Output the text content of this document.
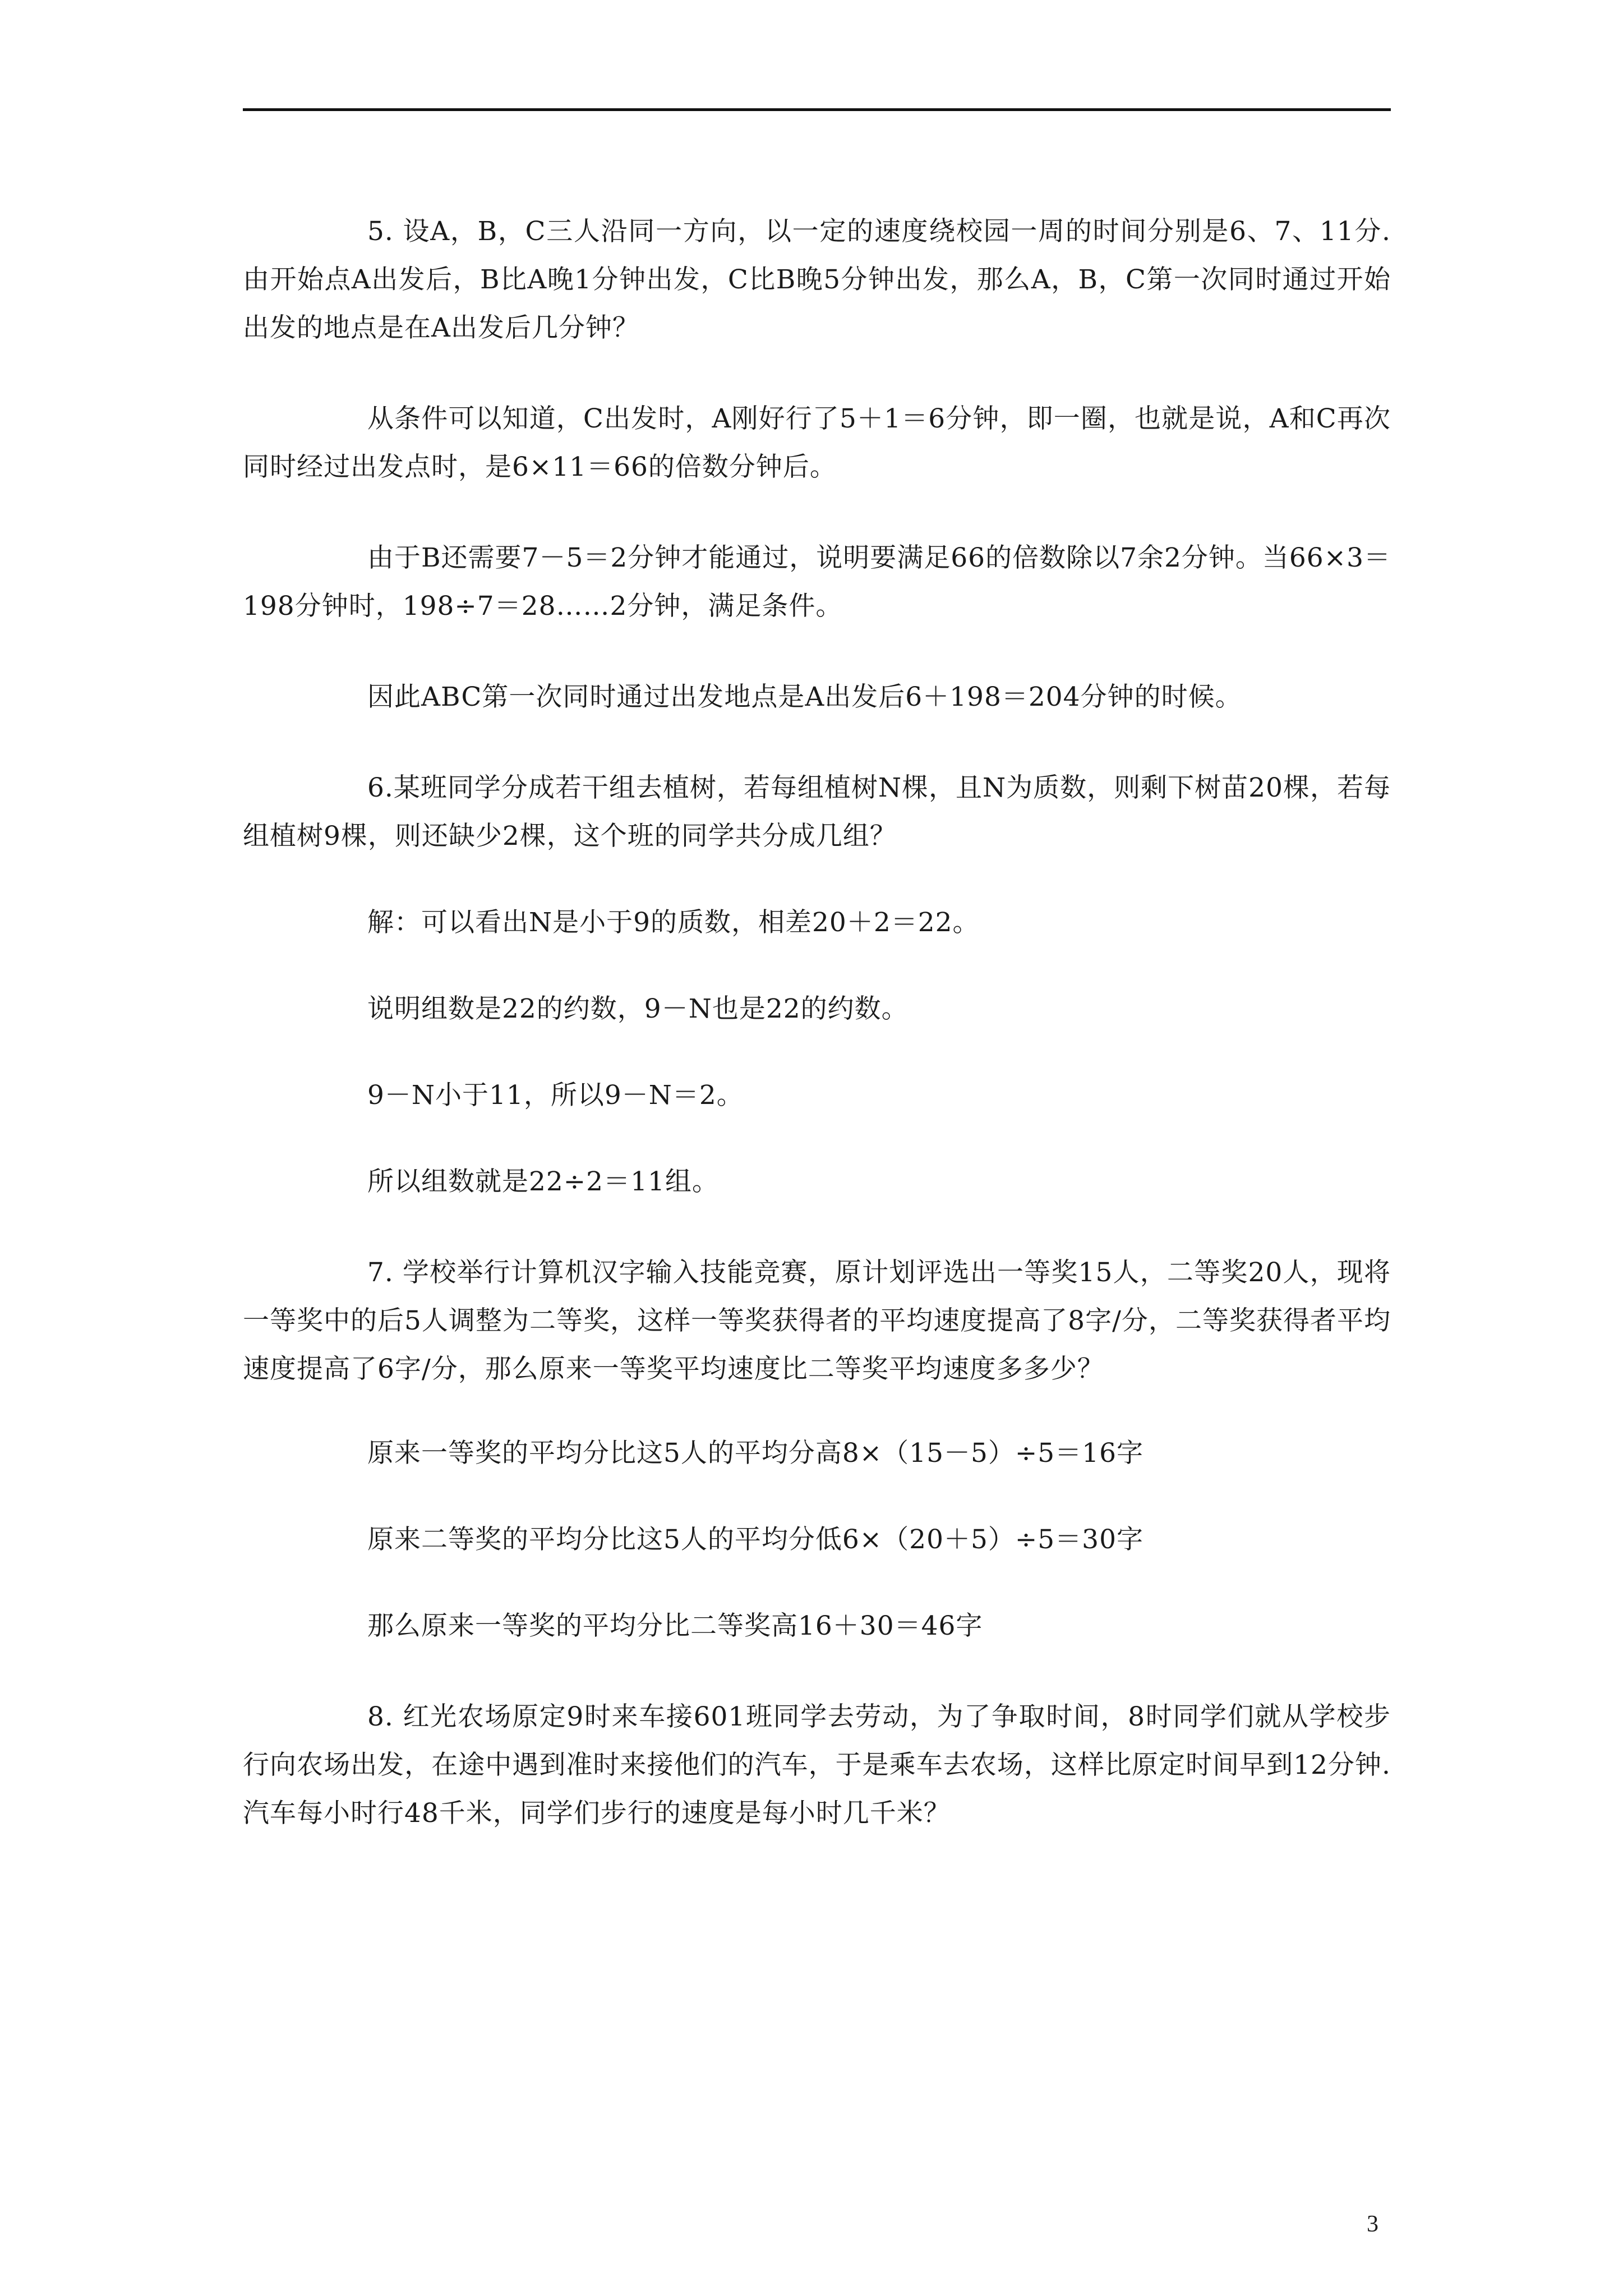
5. 设A，B，C三人沿同一方向，以一定的速度绕校园一周的时间分别是6、7、11分.由开始点A出发后，B比A晚1分钟出发，C比B晚5分钟出发，那么A，B，C第一次同时通过开始出发的地点是在A出发后几分钟？

从条件可以知道，C出发时，A刚好行了5＋1＝6分钟，即一圈，也就是说，A和C再次同时经过出发点时，是6×11＝66的倍数分钟后。

由于B还需要7－5＝2分钟才能通过，说明要满足66的倍数除以7余2分钟。当66×3＝198分钟时，198÷7＝28……2分钟，满足条件。

因此ABC第一次同时通过出发地点是A出发后6＋198＝204分钟的时候。

6.某班同学分成若干组去植树，若每组植树N棵，且N为质数，则剩下树苗20棵，若每组植树9棵，则还缺少2棵，这个班的同学共分成几组？

解：可以看出N是小于9的质数，相差20＋2＝22。

说明组数是22的约数，9－N也是22的约数。

9－N小于11，所以9－N＝2。

所以组数就是22÷2＝11组。

7. 学校举行计算机汉字输入技能竞赛，原计划评选出一等奖15人，二等奖20人，现将一等奖中的后5人调整为二等奖，这样一等奖获得者的平均速度提高了8字/分，二等奖获得者平均速度提高了6字/分，那么原来一等奖平均速度比二等奖平均速度多多少？

原来一等奖的平均分比这5人的平均分高8×（15－5）÷5＝16字

原来二等奖的平均分比这5人的平均分低6×（20＋5）÷5＝30字

那么原来一等奖的平均分比二等奖高16＋30＝46字

8. 红光农场原定9时来车接601班同学去劳动，为了争取时间，8时同学们就从学校步行向农场出发，在途中遇到准时来接他们的汽车，于是乘车去农场，这样比原定时间早到12分钟.汽车每小时行48千米，同学们步行的速度是每小时几千米？

3
